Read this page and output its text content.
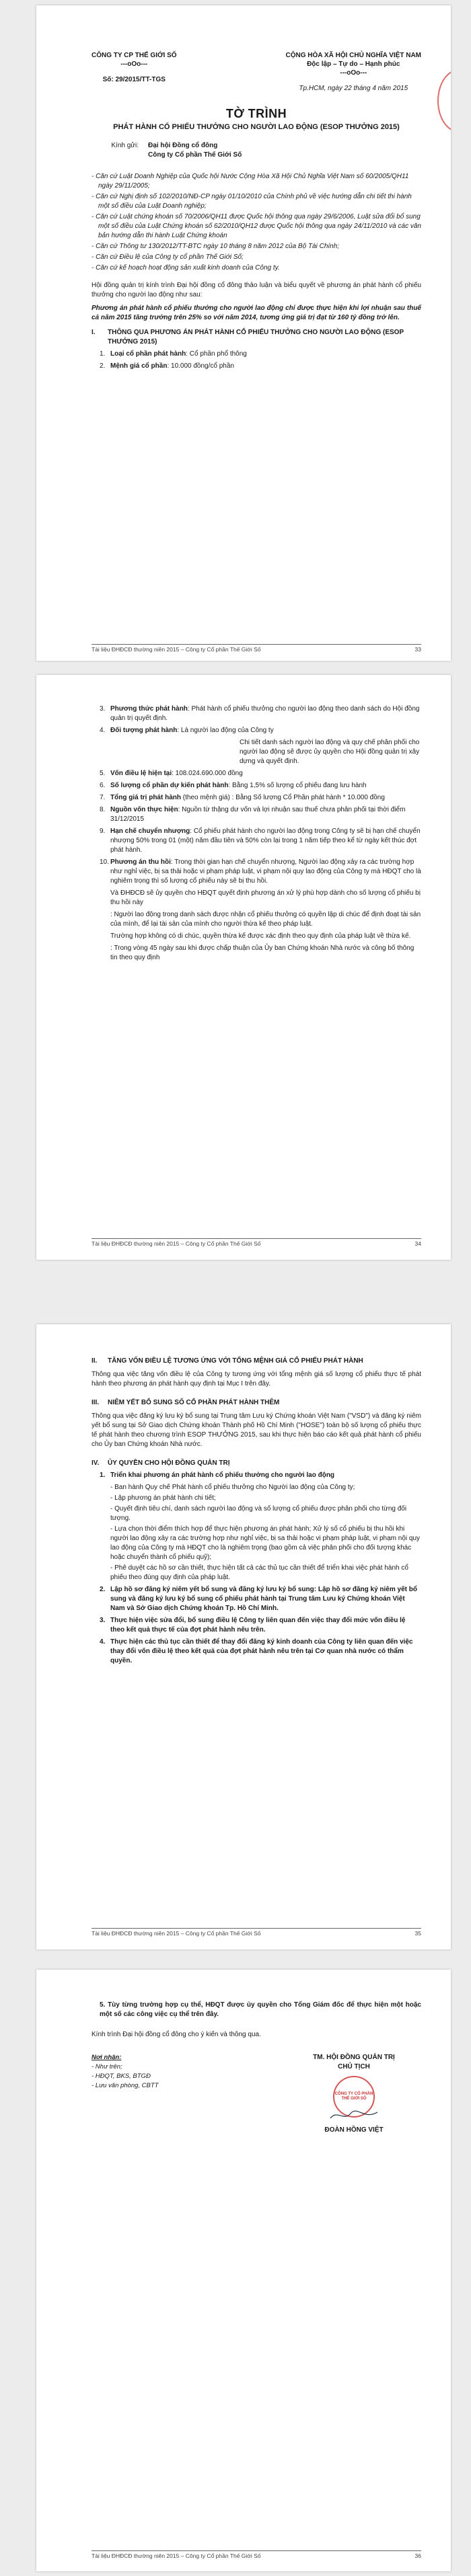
CÔNG TY CP THẾ GIỚI SỐ
---oOo---
Số: 29/2015/TT-TGS
CỘNG HÒA XÃ HỘI CHỦ NGHĨA VIỆT NAM
Độc lập – Tự do – Hạnh phúc
---oOo---
Tp.HCM, ngày 22 tháng 4 năm 2015
TỜ TRÌNH
PHÁT HÀNH CỔ PHIẾU THƯỞNG CHO NGƯỜI LAO ĐỘNG (ESOP THƯỞNG 2015)
Kính gửi:	Đại hội Đồng cổ đông
Công ty Cổ phần Thế Giới Số
- Căn cứ Luật Doanh Nghiệp của Quốc hội Nước Cộng Hòa Xã Hội Chủ Nghĩa Việt Nam số 60/2005/QH11 ngày 29/11/2005;
- Căn cứ Nghị định số 102/2010/NĐ-CP ngày 01/10/2010 của Chính phủ về việc hướng dẫn chi tiết thi hành một số điều của Luật Doanh nghiệp;
- Căn cứ Luật chứng khoán số 70/2006/QH11 được Quốc hội thông qua ngày 29/6/2006, Luật sửa đổi bổ sung một số điều của Luật Chứng khoán số 62/2010/QH12 được Quốc hội thông qua ngày 24/11/2010 và các văn bản hướng dẫn thi hành Luật Chứng khoán
- Căn cứ Thông tư 130/2012/TT-BTC ngày 10 tháng 8 năm 2012 của Bộ Tài Chính;
- Căn cứ Điều lệ của Công ty cổ phần Thế Giới Số;
- Căn cứ kế hoạch hoạt động sản xuất kinh doanh của Công ty.

Hội đồng quản trị kính trình Đại hội đồng cổ đông thảo luận và biểu quyết về phương án phát hành cổ phiếu thưởng cho người lao động như sau:

Phương án phát hành cổ phiếu thưởng cho người lao động chỉ được thực hiện khi lợi nhuận sau thuế cả năm 2015 tăng trưởng trên 25% so với năm 2014, tương ứng giá trị đạt từ 160 tỷ đồng trở lên.

I.	THÔNG QUA PHƯƠNG ÁN PHÁT HÀNH CỔ PHIẾU THƯỞNG CHO NGƯỜI LAO ĐỘNG (ESOP THƯỞNG 2015)
1. Loại cổ phần phát hành : Cổ phần phổ thông
2. Mệnh giá cổ phần : 10.000 đồng/cổ phần
Tài liệu ĐHĐCĐ thường niên 2015 – Công ty Cổ phần Thế Giới Số	33
3. Phương thức phát hành: Phát hành cổ phiếu thưởng cho người lao động theo danh sách do Hội đồng quản trị quyết định.
4. Đối tượng phát hành: Là người lao động của Công ty
Chi tiết danh sách người lao động và quy chế phân phối cho người lao động sẽ được ủy quyền cho Hội đồng quản trị xây dựng và quyết định.
5. Vốn điều lệ hiện tại: 108.024.690.000 đồng
6. Số lượng cổ phần dự kiến phát hành: Bằng 1,5% số lượng cổ phiếu đang lưu hành
7. Tổng giá trị phát hành (theo mệnh giá) : Bằng Số lượng Cổ Phần phát hành * 10.000 đồng
8. Nguồn vốn thực hiện: Nguồn từ thặng dư vốn và lợi nhuận sau thuế chưa phân phối tại thời điểm 31/12/2015
9. Hạn chế chuyển nhượng: Cổ phiếu phát hành cho người lao động trong Công ty sẽ bị hạn chế chuyển nhượng 50% trong 01 (một) năm đầu tiên và 50% còn lại trong 1 năm tiếp theo kể từ ngày kết thúc đợt phát hành.
10. Phương án thu hồi: Trong thời gian hạn chế chuyển nhượng, Người lao động xảy ra các trường hợp như nghỉ việc, bị sa thải hoặc vi phạm pháp luật, vi phạm nội quy lao động của Công ty mà HĐQT cho là nghiêm trọng thì số lượng cổ phiếu này sẽ bị thu hồi.
Và ĐHĐCĐ sẽ ủy quyền cho HĐQT quyết định phương án xử lý phù hợp dành cho số lượng cổ phiếu bị thu hồi này
: Người lao động trong danh sách được nhận cổ phiếu thưởng có quyền lập di chúc để định đoạt tài sản của mình, để lại tài sản của mình cho người thừa kế theo pháp luật.
Trường hợp không có di chúc, quyền thừa kế được xác định theo quy định của pháp luật về thừa kế.
: Trong vòng 45 ngày sau khi được chấp thuận của Ủy ban Chứng khoán Nhà nước và công bố thông tin theo quy định
Tài liệu ĐHĐCĐ thường niên 2015 – Công ty Cổ phần Thế Giới Số	34
II.	TĂNG VỐN ĐIỀU LỆ TƯƠNG ỨNG VỚI TỔNG MỆNH GIÁ CỔ PHIẾU PHÁT HÀNH

Thông qua việc tăng vốn điều lệ của Công ty tương ứng với tổng mệnh giá số lượng cổ phiếu thực tế phát hành theo phương án phát hành quy định tại Mục I trên đây.

III.	NIÊM YẾT BỔ SUNG SỐ CỔ PHẦN PHÁT HÀNH THÊM

Thông qua việc đăng ký lưu ký bổ sung tại Trung tâm Lưu ký Chứng khoán Việt Nam ("VSD") và đăng ký niêm yết bổ sung tại Sở Giao dịch Chứng khoán Thành phố Hồ Chí Minh ("HOSE") toàn bộ số lượng cổ phiếu thực tế phát hành theo chương trình ESOP THƯỞNG 2015, sau khi thực hiện báo cáo kết quả phát hành cổ phiếu cho Ủy ban Chứng khoán Nhà nước.

IV.	ỦY QUYỀN CHO HỘI ĐỒNG QUẢN TRỊ
1. Triển khai phương án phát hành cổ phiếu thưởng cho người lao động
- Ban hành Quy chế Phát hành cổ phiếu thưởng cho Người lao động của Công ty;
- Lập phương án phát hành chi tiết;
- Quyết định tiêu chí, danh sách người lao động và số lượng cổ phiếu được phân phối cho từng đối tượng.
- Lựa chọn thời điểm thích hợp để thực hiện phương án phát hành; Xử lý số cổ phiếu bị thu hồi khi người lao động xảy ra các trường hợp như nghỉ việc, bị sa thải hoặc vi phạm pháp luật, vi phạm nội quy lao động của Công ty mà HĐQT cho là nghiêm trọng (bao gồm cả việc phân phối cho đối tượng khác hoặc chuyển thành cổ phiếu quỹ);
- Phê duyệt các hồ sơ cần thiết, thực hiện tất cả các thủ tục cần thiết để triển khai việc phát hành cổ phiếu theo đúng quy định của pháp luật.
2. Lập hồ sơ đăng ký niêm yết bổ sung và đăng ký lưu ký bổ sung: Lập hồ sơ đăng ký niêm yết bổ sung và đăng ký lưu ký bổ sung cổ phiếu phát hành tại Trung tâm Lưu ký Chứng khoán Việt Nam và Sở Giao dịch Chứng khoán Tp. Hồ Chí Minh.
3. Thực hiện việc sửa đổi, bổ sung điều lệ Công ty liên quan đến việc thay đổi mức vốn điều lệ theo kết quả thực tế của đợt phát hành nêu trên.
4. Thực hiện các thủ tục cần thiết để thay đổi đăng ký kinh doanh của Công ty liên quan đến việc thay đổi vốn điều lệ theo kết quả của đợt phát hành nêu trên tại Cơ quan nhà nước có thẩm quyền.
Tài liệu ĐHĐCĐ thường niên 2015 – Công ty Cổ phần Thế Giới Số	35

5. Tùy từng trường hợp cụ thể, HĐQT được ủy quyền cho Tổng Giám đốc để thực hiện một hoặc một số các công việc cụ thể trên đây.

Kính trình Đại hội đồng cổ đông cho ý kiến và thông qua.

Nơi nhận:
- Như trên;
- HĐQT, BKS, BTGĐ
- Lưu văn phòng, CBTT
TM. HỘI ĐỒNG QUẢN TRỊ
CHỦ TỊCH
CÔNG TY CỔ PHẦN THẾ GIỚI SỐ
ĐOÀN HỒNG VIỆT
Tài liệu ĐHĐCĐ thường niên 2015 – Công ty Cổ phần Thế Giới Số	36
